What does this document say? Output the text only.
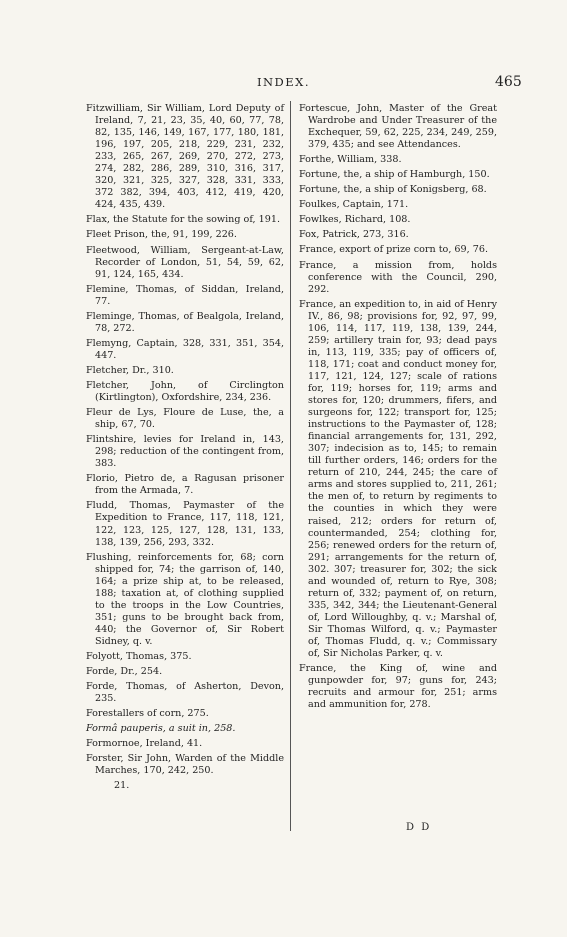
INDEX.	465
Fitzwilliam, Sir William, Lord Deputy of Ireland, 7, 21, 23, 35, 40, 60, 77, 78, 82, 135, 146, 149, 167, 177, 180, 181, 196, 197, 205, 218, 229, 231, 232, 233, 265, 267, 269, 270, 272, 273, 274, 282, 286, 289, 310, 316, 317, 320, 321, 325, 327, 328, 331, 333, 372 382, 394, 403, 412, 419, 420, 424, 435, 439.
Flax, the Statute for the sowing of, 191.
Fleet Prison, the, 91, 199, 226.
Fleetwood, William, Sergeant-at-Law, Recorder of London, 51, 54, 59, 62, 91, 124, 165, 434.
Flemine, Thomas, of Siddan, Ireland, 77.
Fleminge, Thomas, of Bealgola, Ireland, 78, 272.
Flemyng, Captain, 328, 331, 351, 354, 447.
Fletcher, Dr., 310.
Fletcher, John, of Circlington (Kirtlington), Oxfordshire, 234, 236.
Fleur de Lys, Floure de Luse, the, a ship, 67, 70.
Flintshire, levies for Ireland in, 143, 298; reduction of the contingent from, 383.
Florio, Pietro de, a Ragusan prisoner from the Armada, 7.
Fludd, Thomas, Paymaster of the Expedition to France, 117, 118, 121, 122, 123, 125, 127, 128, 131, 133, 138, 139, 256, 293, 332.
Flushing, reinforcements for, 68; corn shipped for, 74; the garrison of, 140, 164; a prize ship at, to be released, 188; taxation at, of clothing supplied to the troops in the Low Countries, 351; guns to be brought back from, 440; the Governor of, Sir Robert Sidney, q. v.
Folyott, Thomas, 375.
Forde, Dr., 254.
Forde, Thomas, of Asherton, Devon, 235.
Forestallers of corn, 275.
Formâ pauperis, a suit in, 258.
Formornoe, Ireland, 41.
Forster, Sir John, Warden of the Middle Marches, 170, 242, 250.
21.
Fortescue, John, Master of the Great Wardrobe and Under Treasurer of the Exchequer, 59, 62, 225, 234, 249, 259, 379, 435; and see Attendances.
Forthe, William, 338.
Fortune, the, a ship of Hamburgh, 150.
Fortune, the, a ship of Konigsberg, 68.
Foulkes, Captain, 171.
Fowlkes, Richard, 108.
Fox, Patrick, 273, 316.
France, export of prize corn to, 69, 76.
France, a mission from, holds conference with the Council, 290, 292.
France, an expedition to, in aid of Henry IV., 86, 98; provisions for, 92, 97, 99, 106, 114, 117, 119, 138, 139, 244, 259; artillery train for, 93; dead pays in, 113, 119, 335; pay of officers of, 118, 171; coat and conduct money for, 117, 121, 124, 127; scale of rations for, 119; horses for, 119; arms and stores for, 120; drummers, fifers, and surgeons for, 122; transport for, 125; instructions to the Paymaster of, 128; financial arrangements for, 131, 292, 307; indecision as to, 145; to remain till further orders, 146; orders for the return of 210, 244, 245; the care of arms and stores supplied to, 211, 261; the men of, to return by regiments to the counties in which they were raised, 212; orders for return of, countermanded, 254; clothing for, 256; renewed orders for the return of, 291; arrangements for the return of, 302. 307; treasurer for, 302; the sick and wounded of, return to Rye, 308; return of, 332; payment of, on return, 335, 342, 344; the Lieutenant-General of, Lord Willoughby, q. v.; Marshal of, Sir Thomas Wilford, q. v.; Paymaster of, Thomas Fludd, q. v.; Commissary of, Sir Nicholas Parker, q. v.
France, the King of, wine and gunpowder for, 97; guns for, 243; recruits and armour for, 251; arms and ammunition for, 278.
D D
